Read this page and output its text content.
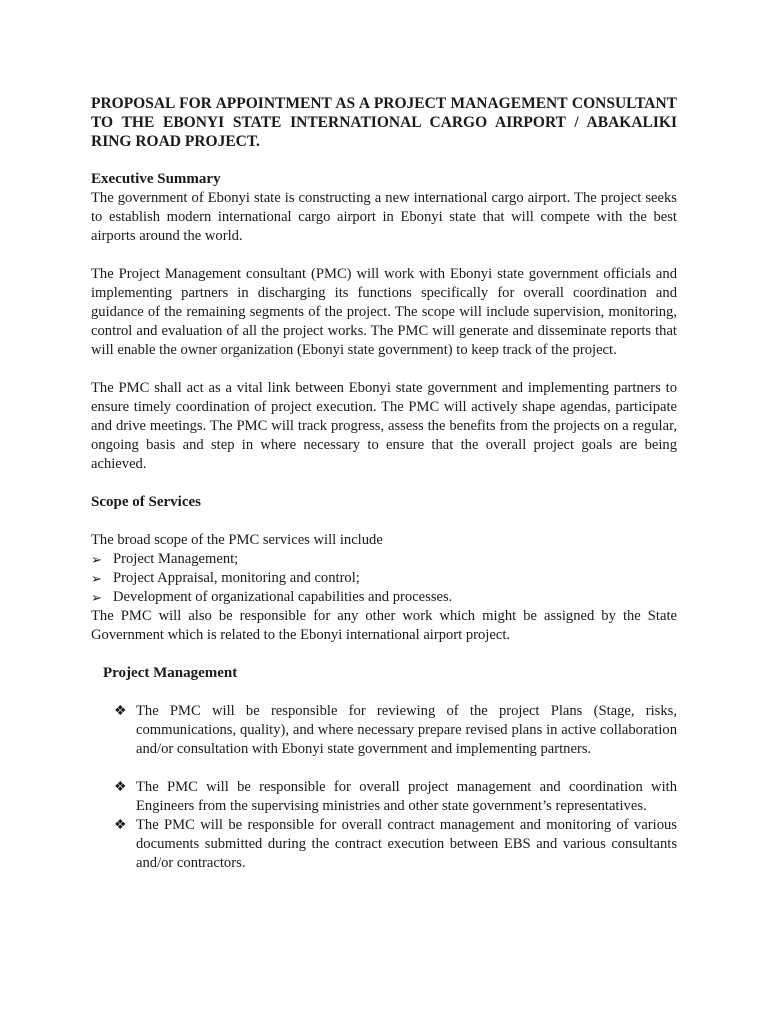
PROPOSAL FOR APPOINTMENT AS A PROJECT MANAGEMENT CONSULTANT TO THE EBONYI STATE INTERNATIONAL CARGO AIRPORT / ABAKALIKI RING ROAD PROJECT.
Executive Summary

The government of Ebonyi state is constructing a new international cargo airport. The project seeks to establish modern international cargo airport in Ebonyi state that will compete with the best airports around the world.

The Project Management consultant (PMC) will work with Ebonyi state government officials and implementing partners in discharging its functions specifically for overall coordination and guidance of the remaining segments of the project. The scope will include supervision, monitoring, control and evaluation of all the project works. The PMC will generate and disseminate reports that will enable the owner organization (Ebonyi state government) to keep track of the project.

The PMC shall act as a vital link between Ebonyi state government and implementing partners to ensure timely coordination of project execution. The PMC will actively shape agendas, participate and drive meetings. The PMC will track progress, assess the benefits from the projects on a regular, ongoing basis and step in where necessary to ensure that the overall project goals are being achieved.

Scope of Services

The broad scope of the PMC services will include

➢ Project Management;
➢ Project Appraisal, monitoring and control;
➢ Development of organizational capabilities and processes.

The PMC will also be responsible for any other work which might be assigned by the State Government which is related to the Ebonyi international airport project.

Project Management
❖ The PMC will be responsible for reviewing of the project Plans (Stage, risks, communications, quality), and where necessary prepare revised plans in active collaboration and/or consultation with Ebonyi state government and implementing partners.
❖ The PMC will be responsible for overall project management and coordination with Engineers from the supervising ministries and other state government’s representatives.
❖ The PMC will be responsible for overall contract management and monitoring of various documents submitted during the contract execution between EBS and various consultants and/or contractors.
